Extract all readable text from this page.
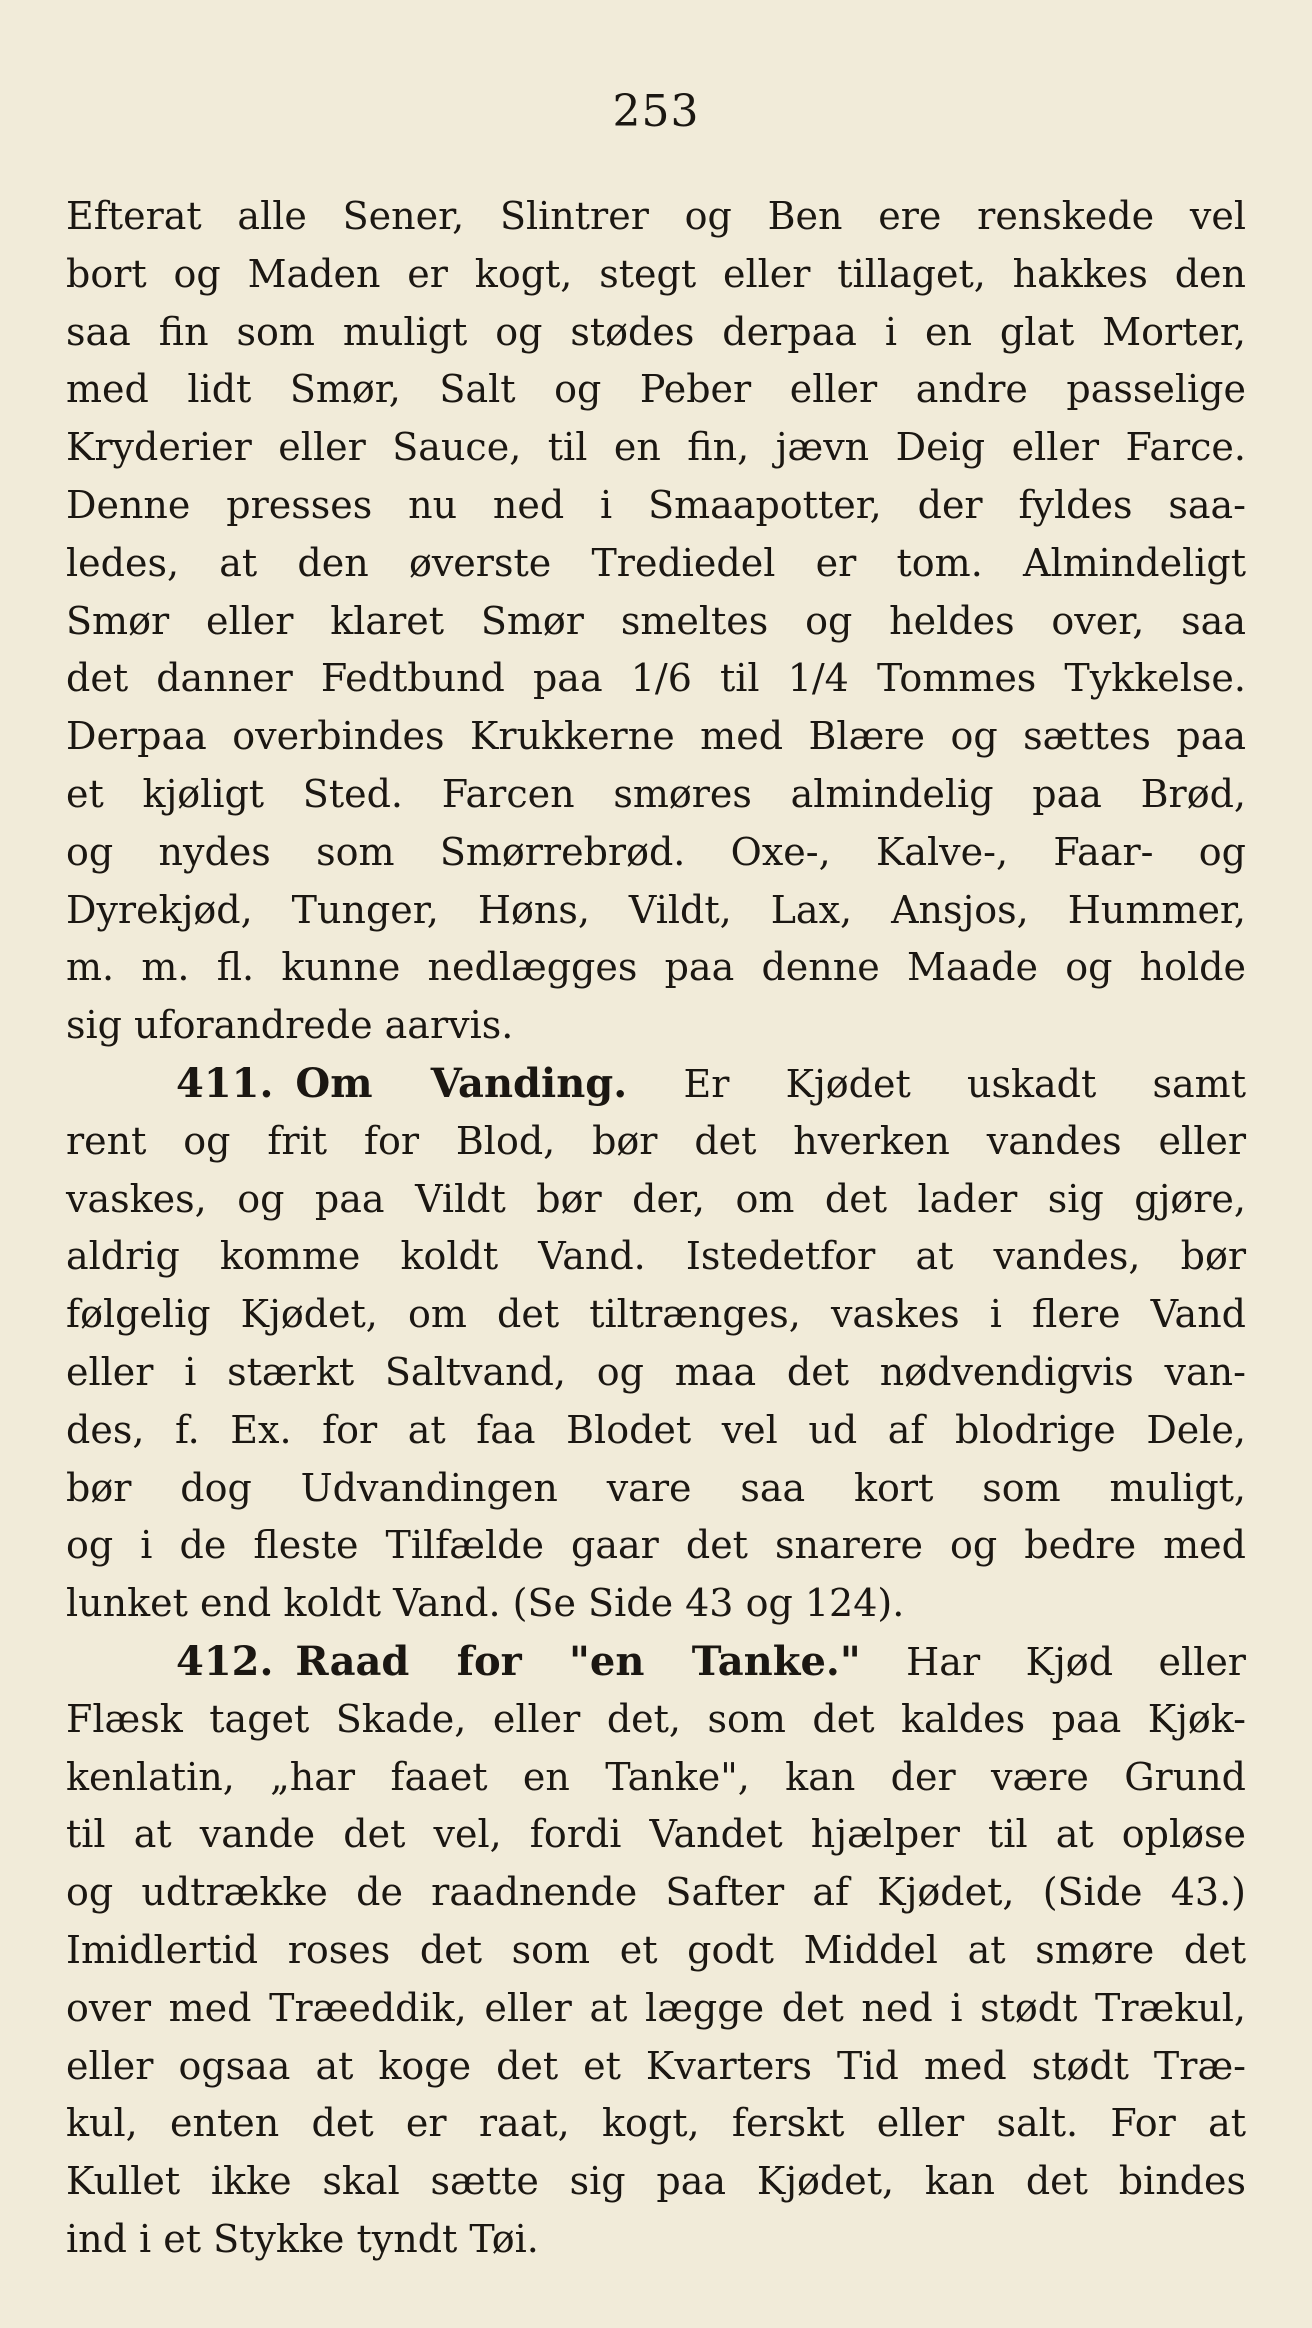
253
Efterat alle Sener, Slintrer og Ben ere renskede vel
bort og Maden er kogt, stegt eller tillaget, hakkes den
saa fin som muligt og stødes derpaa i en glat Morter,
med lidt Smør, Salt og Peber eller andre passelige
Kryderier eller Sauce, til en fin, jævn Deig eller Farce.
Denne presses nu ned i Smaapotter, der fyldes saa-
ledes, at den øverste Trediedel er tom. Almindeligt
Smør eller klaret Smør smeltes og heldes over, saa
det danner Fedtbund paa 1/6 til 1/4 Tommes Tykkelse.
Derpaa overbindes Krukkerne med Blære og sættes paa
et kjøligt Sted. Farcen smøres almindelig paa Brød,
og nydes som Smørrebrød. Oxe-, Kalve-, Faar- og
Dyrekjød, Tunger, Høns, Vildt, Lax, Ansjos, Hummer,
m. m. fl. kunne nedlægges paa denne Maade og holde
sig uforandrede aarvis.
411. Om Vanding. Er Kjødet uskadt samt
rent og frit for Blod, bør det hverken vandes eller
vaskes, og paa Vildt bør der, om det lader sig gjøre,
aldrig komme koldt Vand. Istedetfor at vandes, bør
følgelig Kjødet, om det tiltrænges, vaskes i flere Vand
eller i stærkt Saltvand, og maa det nødvendigvis van-
des, f. Ex. for at faa Blodet vel ud af blodrige Dele,
bør dog Udvandingen vare saa kort som muligt,
og i de fleste Tilfælde gaar det snarere og bedre med
lunket end koldt Vand. (Se Side 43 og 124).
412. Raad for "en Tanke." Har Kjød eller
Flæsk taget Skade, eller det, som det kaldes paa Kjøk-
kenlatin, „har faaet en Tanke", kan der være Grund
til at vande det vel, fordi Vandet hjælper til at opløse
og udtrække de raadnende Safter af Kjødet, (Side 43.)
Imidlertid roses det som et godt Middel at smøre det
over med Træeddik, eller at lægge det ned i stødt Trækul,
eller ogsaa at koge det et Kvarters Tid med stødt Træ-
kul, enten det er raat, kogt, ferskt eller salt. For at
Kullet ikke skal sætte sig paa Kjødet, kan det bindes
ind i et Stykke tyndt Tøi.
